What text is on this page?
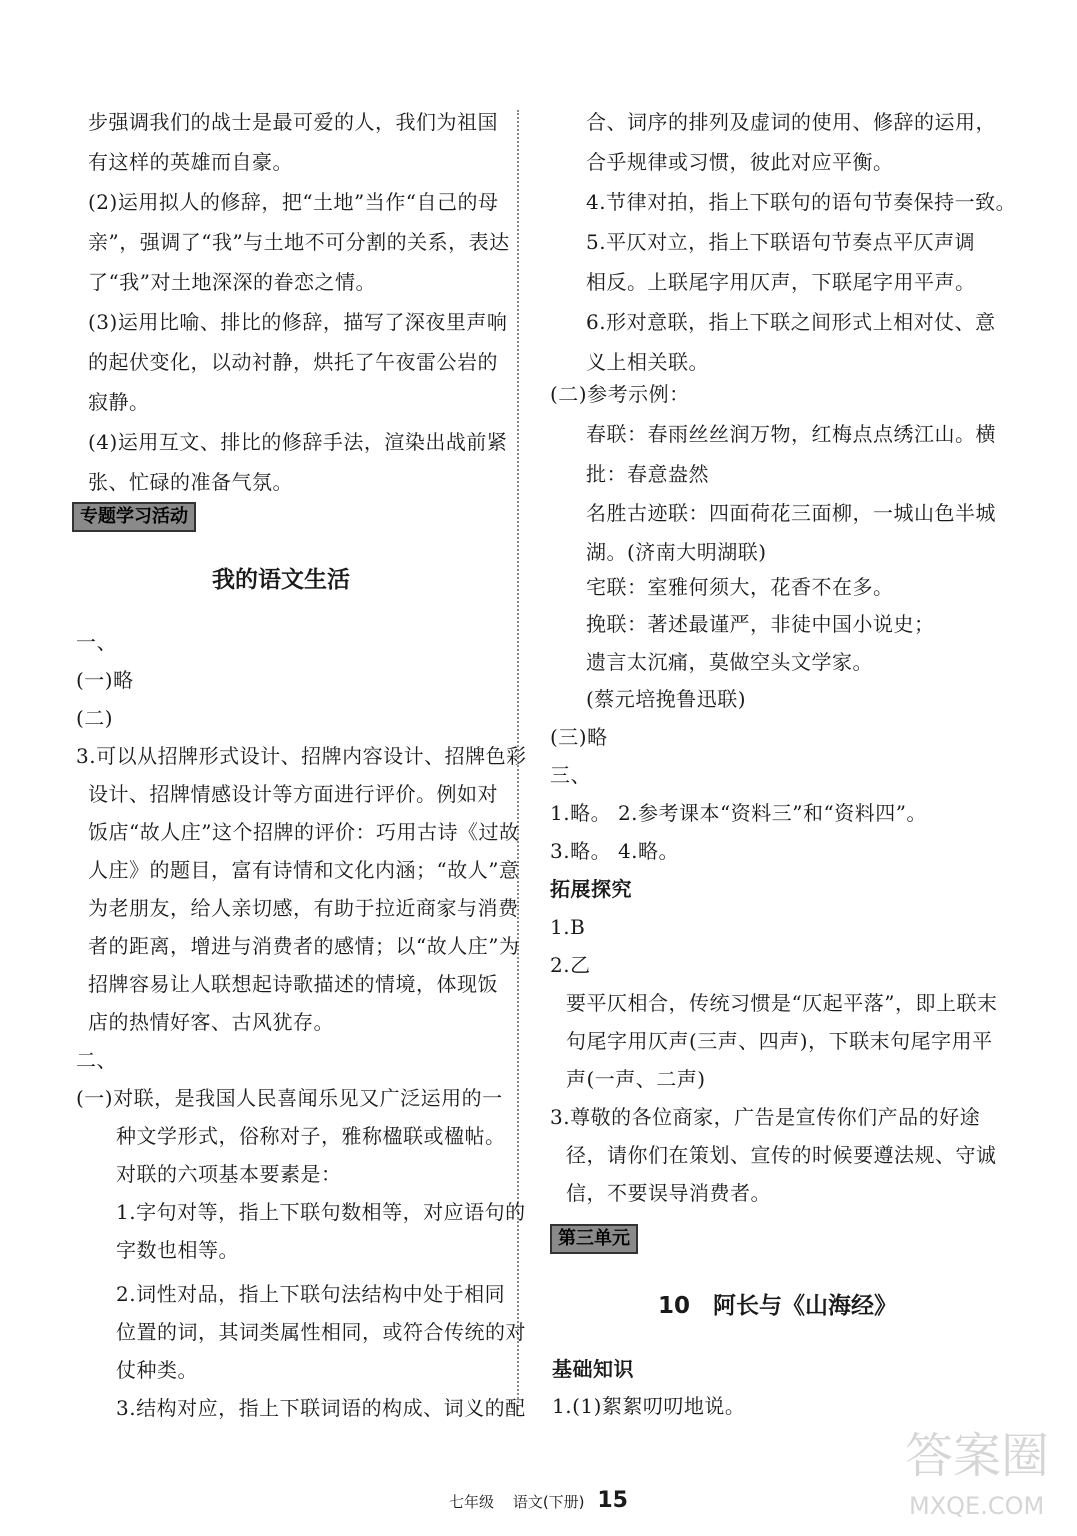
步强调我们的战士是最可爱的人，我们为祖国
有这样的英雄而自豪。
(2)运用拟人的修辞，把“土地”当作“自己的母
亲”，强调了“我”与土地不可分割的关系，表达
了“我”对土地深深的眷恋之情。
(3)运用比喻、排比的修辞，描写了深夜里声响
的起伏变化，以动衬静，烘托了午夜雷公岩的
寂静。
(4)运用互文、排比的修辞手法，渲染出战前紧
张、忙碌的准备气氛。
专题学习活动
我的语文生活
一、
(一)略
(二)
3.可以从招牌形式设计、招牌内容设计、招牌色彩
设计、招牌情感设计等方面进行评价。例如对
饭店“故人庄”这个招牌的评价：巧用古诗《过故
人庄》的题目，富有诗情和文化内涵；“故人”意
为老朋友，给人亲切感，有助于拉近商家与消费
者的距离，增进与消费者的感情；以“故人庄”为
招牌容易让人联想起诗歌描述的情境，体现饭
店的热情好客、古风犹存。
二、
(一)对联，是我国人民喜闻乐见又广泛运用的一
种文学形式，俗称对子，雅称楹联或楹帖。
对联的六项基本要素是：
1.字句对等，指上下联句数相等，对应语句的
字数也相等。
2.词性对品，指上下联句法结构中处于相同
位置的词，其词类属性相同，或符合传统的对
仗种类。
3.结构对应，指上下联词语的构成、词义的配
合、词序的排列及虚词的使用、修辞的运用，
合乎规律或习惯，彼此对应平衡。
4.节律对拍，指上下联句的语句节奏保持一致。
5.平仄对立，指上下联语句节奏点平仄声调
相反。上联尾字用仄声，下联尾字用平声。
6.形对意联，指上下联之间形式上相对仗、意
义上相关联。
(二)参考示例：
春联：春雨丝丝润万物，红梅点点绣江山。横
批：春意盎然
名胜古迹联：四面荷花三面柳，一城山色半城
湖。(济南大明湖联)
宅联：室雅何须大，花香不在多。
挽联：著述最谨严，非徒中国小说史；
遗言太沉痛，莫做空头文学家。
(蔡元培挽鲁迅联)
(三)略
三、
1.略。 2.参考课本“资料三”和“资料四”。
3.略。 4.略。
拓展探究
1.B
2.乙
要平仄相合，传统习惯是“仄起平落”，即上联末
句尾字用仄声(三声、四声)，下联末句尾字用平
声(一声、二声)
3.尊敬的各位商家，广告是宣传你们产品的好途
径，请你们在策划、宣传的时候要遵法规、守诚
信，不要误导消费者。
第三单元
10　阿长与《山海经》
基础知识
1.(1)絮絮叨叨地说。
七年级 语文(下册) 15
答案圈
MXQE.COM
